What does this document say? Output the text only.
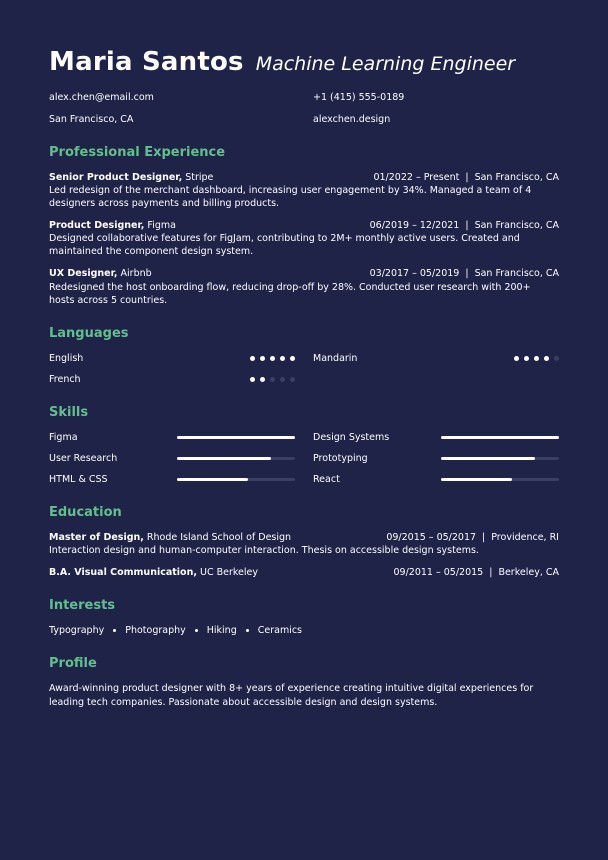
Maria Santos Machine Learning Engineer
alex.chen@email.com	+1 (415) 555-0189
San Francisco, CA	alexchen.design
Professional Experience
Senior Product Designer, Stripe	01/2022 – Present | San Francisco, CA
Led redesign of the merchant dashboard, increasing user engagement by 34%. Managed a team of 4 designers across payments and billing products.
Product Designer, Figma	06/2019 – 12/2021 | San Francisco, CA
Designed collaborative features for FigJam, contributing to 2M+ monthly active users. Created and maintained the component design system.
UX Designer, Airbnb	03/2017 – 05/2019 | San Francisco, CA
Redesigned the host onboarding flow, reducing drop-off by 28%. Conducted user research with 200+ hosts across 5 countries.
Languages
English	Mandarin
French
Skills
Figma	Design Systems
User Research	Prototyping
HTML & CSS	React
Education
Master of Design, Rhode Island School of Design	09/2015 – 05/2017 | Providence, RI
Interaction design and human-computer interaction. Thesis on accessible design systems.
B.A. Visual Communication, UC Berkeley	09/2011 – 05/2015 | Berkeley, CA
Interests
Typography Photography Hiking Ceramics
Profile
Award-winning product designer with 8+ years of experience creating intuitive digital experiences for leading tech companies. Passionate about accessible design and design systems.
